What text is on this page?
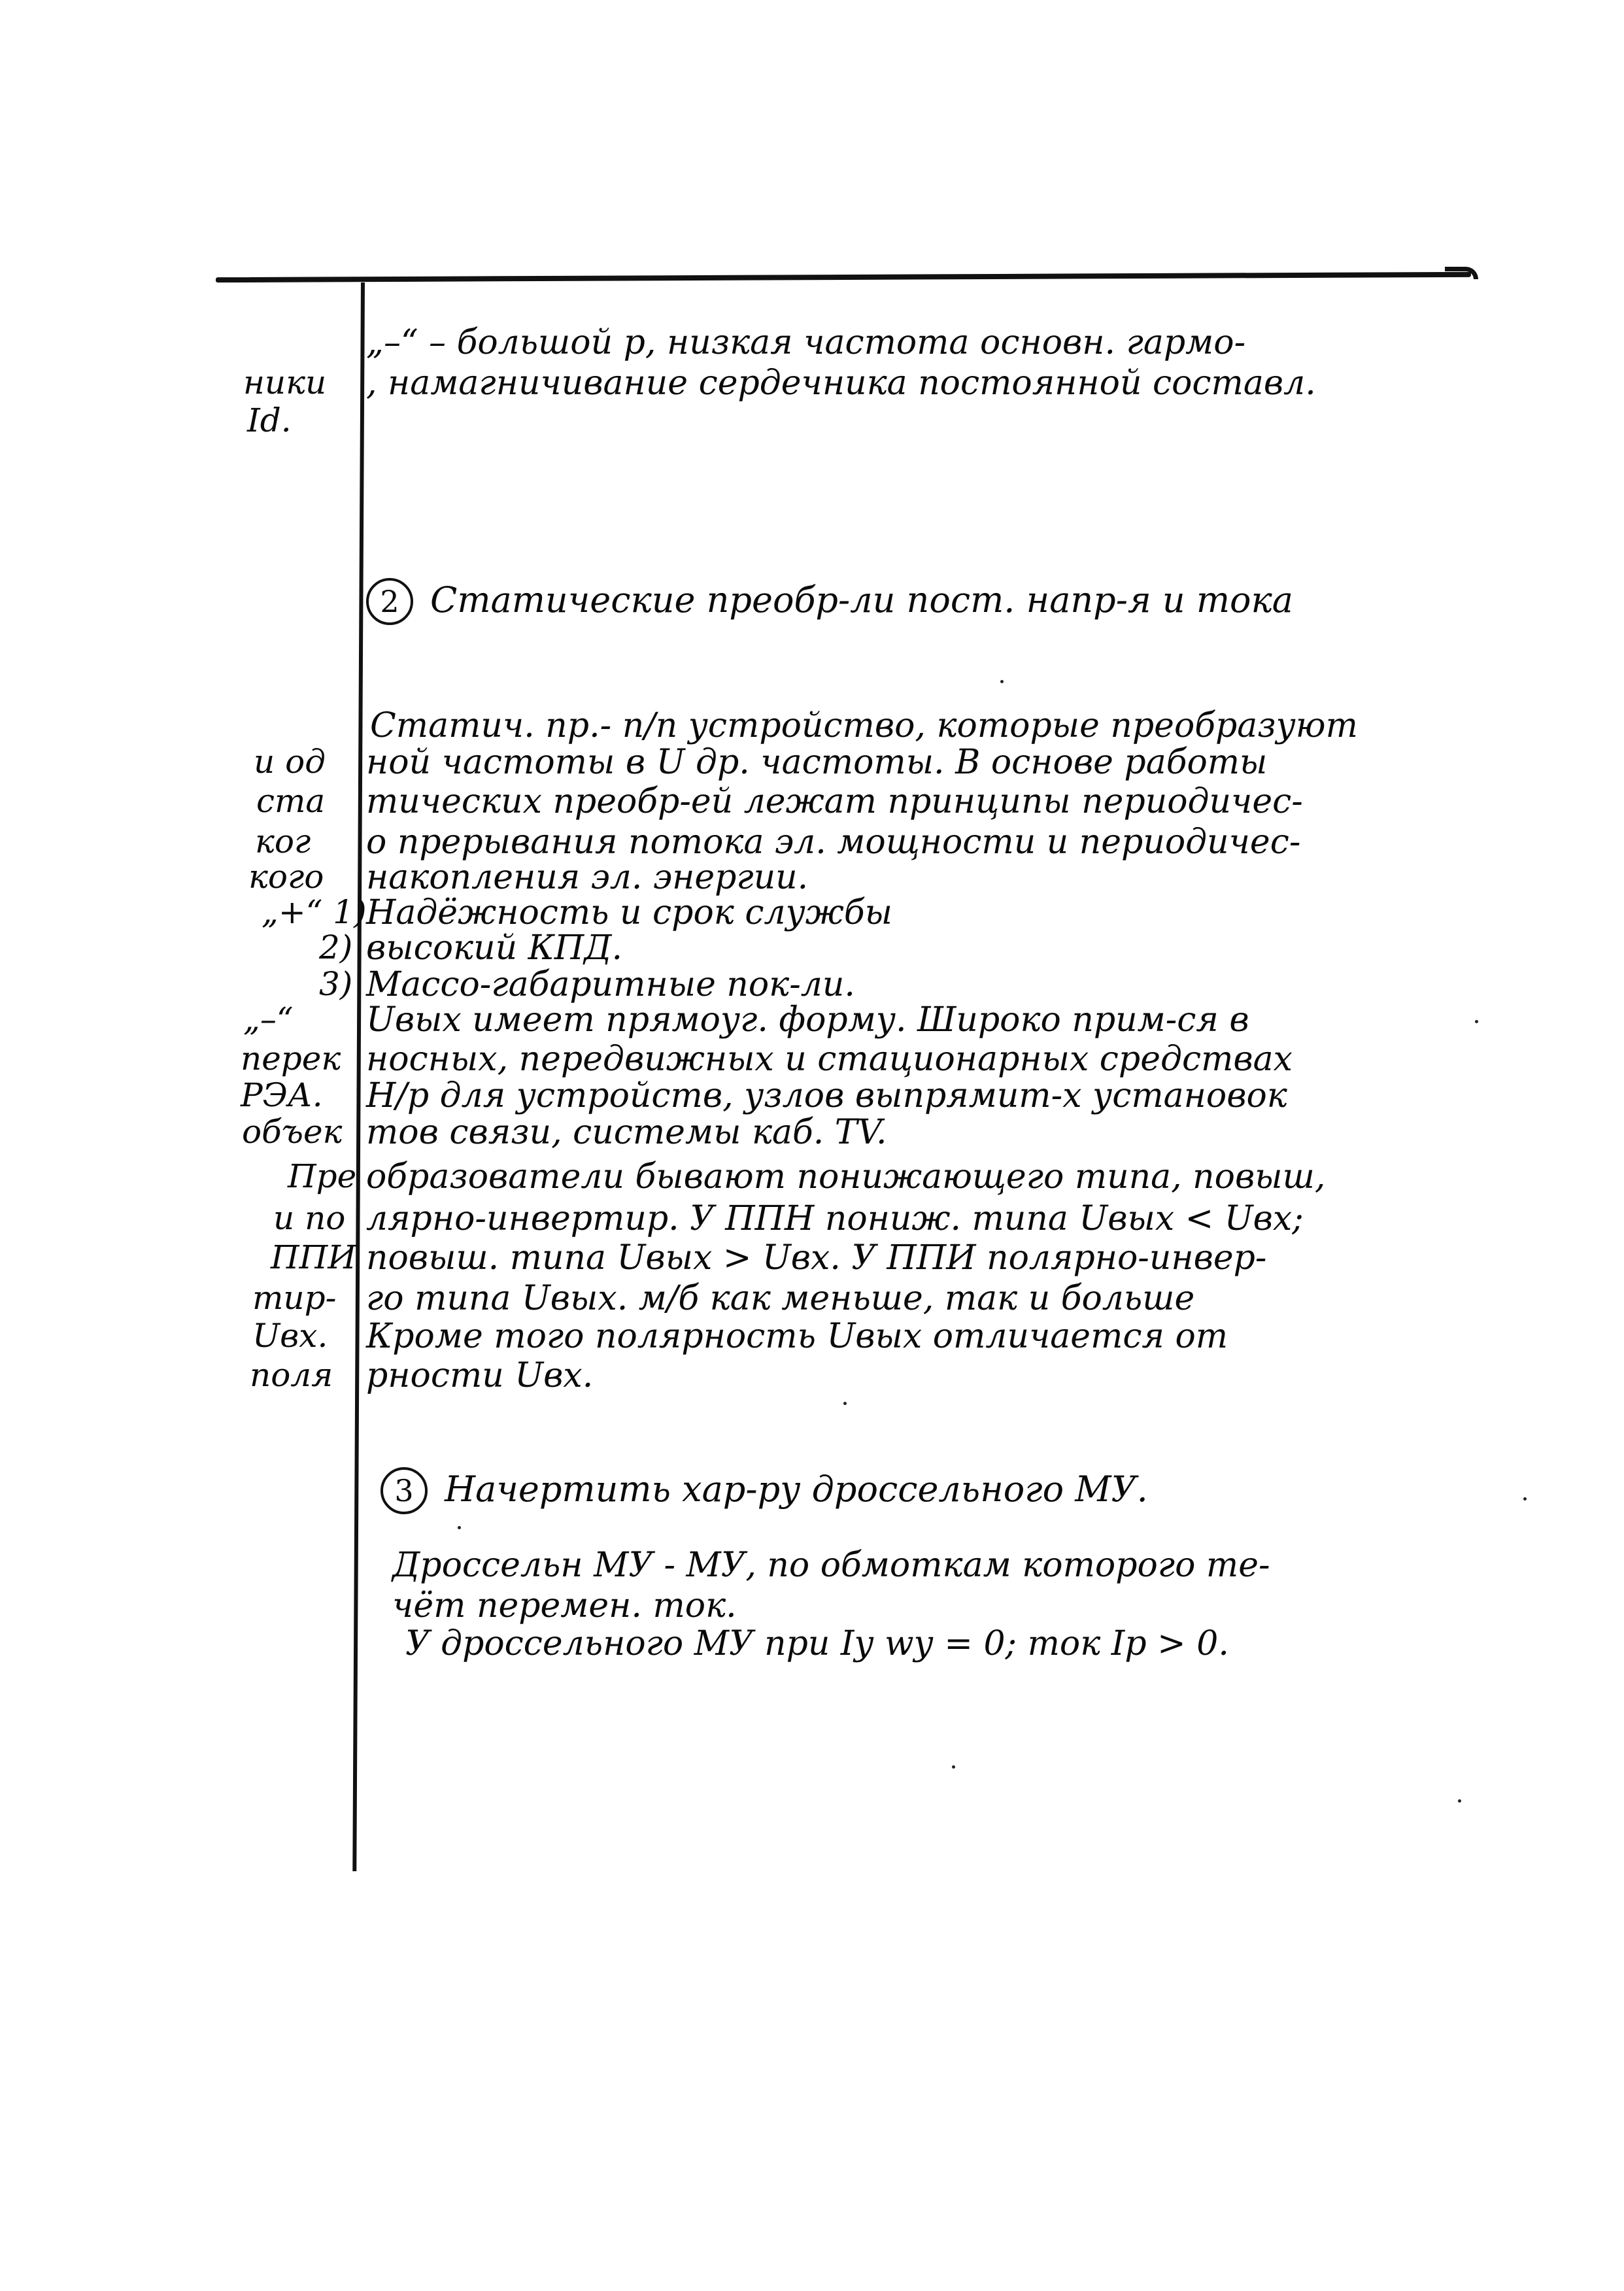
ники
Id.
и од
ста
ког
кого
„+“ 1)
2)
3)
„–“
перек
РЭА.
объек
Пре
и по
ППИ
тир-
Uвх.
поля
„–“ – большой р, низкая частота основн. гармо-
, намагничивание сердечника постоянной составл.
2 Статические преобр-ли пост. напр-я и тока
Статич. пр.- п/п устройство, которые преобразуют
ной частоты в U др. частоты. В основе работы
тических преобр-ей лежат принципы периодичес-
о прерывания потока эл. мощности и периодичес-
накопления эл. энергии.
Надёжность и срок службы
высокий КПД.
Массо-габаритные пок-ли.
Uвых имеет прямоуг. форму. Широко прим-ся в
носных, передвижных и стационарных средствах
Н/р для устройств, узлов выпрямит-х установок
тов связи, системы каб. TV.
образователи бывают понижающего типа, повыш,
лярно-инвертир. У ППН пониж. типа Uвых < Uвх;
повыш. типа Uвых > Uвх. У ППИ полярно-инвер-
го типа Uвых. м/б как меньше, так и больше
Кроме того полярность Uвых отличается от
рности Uвх.
3 Начертить хар-ру дроссельного МУ.
Дроссельн МУ - МУ, по обмоткам которого те-
чёт перемен. ток.
У дроссельного МУ при Iу wу = 0; ток Iр > 0.
